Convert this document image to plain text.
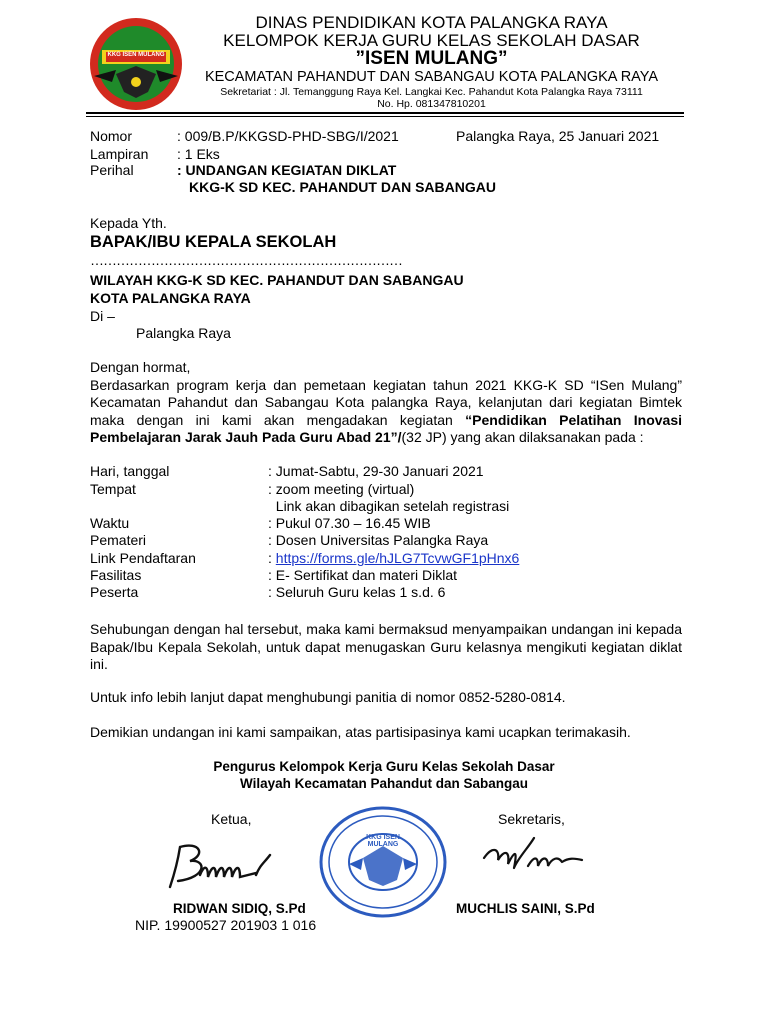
KKG ISEN MULANG
DINAS PENDIDIKAN KOTA PALANGKA RAYA
KELOMPOK KERJA GURU KELAS SEKOLAH DASAR
”ISEN MULANG”
KECAMATAN PAHANDUT DAN SABANGAU KOTA PALANGKA RAYA
Sekretariat : Jl. Temanggung Raya Kel. Langkai Kec. Pahandut Kota Palangka Raya 73111
No. Hp. 081347810201
Nomor	: 009/B.P/KKGSD-PHD-SBG/I/2021	Palangka Raya, 25 Januari 2021
Lampiran : 1 Eks
Perihal	: UNDANGAN KEGIATAN DIKLAT
KKG-K SD KEC. PAHANDUT DAN SABANGAU
Kepada Yth.
BAPAK/IBU KEPALA SEKOLAH
………………………………………………………………
WILAYAH KKG-K SD KEC. PAHANDUT DAN SABANGAU
KOTA PALANGKA RAYA
Di –
Palangka Raya
Dengan hormat,
Berdasarkan program kerja dan pemetaan kegiatan tahun 2021 KKG-K SD “ISen Mulang” Kecamatan Pahandut dan Sabangau Kota palangka Raya, kelanjutan dari kegiatan Bimtek maka dengan ini kami akan mengadakan kegiatan “Pendidikan Pelatihan Inovasi Pembelajaran Jarak Jauh Pada Guru Abad 21”/(32 JP) yang akan dilaksanakan pada :
Hari, tanggal	: Jumat-Sabtu, 29-30 Januari 2021
Tempat	: zoom meeting (virtual)
Link akan dibagikan setelah registrasi
Waktu	: Pukul 07.30 – 16.45 WIB
Pemateri	: Dosen Universitas Palangka Raya
Link Pendaftaran	: https://forms.gle/hJLG7TcvwGF1pHnx6
Fasilitas	: E- Sertifikat dan materi Diklat
Peserta	: Seluruh Guru kelas 1 s.d. 6
Sehubungan dengan hal tersebut, maka kami bermaksud menyampaikan undangan ini kepada Bapak/Ibu Kepala Sekolah, untuk dapat menugaskan Guru kelasnya mengikuti kegiatan diklat ini.
Untuk info lebih lanjut dapat menghubungi panitia di nomor 0852-5280-0814.
Demikian undangan ini kami sampaikan, atas partisipasinya kami ucapkan terimakasih.
Pengurus Kelompok Kerja Guru Kelas Sekolah Dasar
Wilayah Kecamatan Pahandut dan Sabangau
Ketua,	Sekretaris,
KKG ISEN MULANG
RIDWAN SIDIQ, S.Pd
NIP. 19900527 201903 1 016
MUCHLIS SAINI, S.Pd
